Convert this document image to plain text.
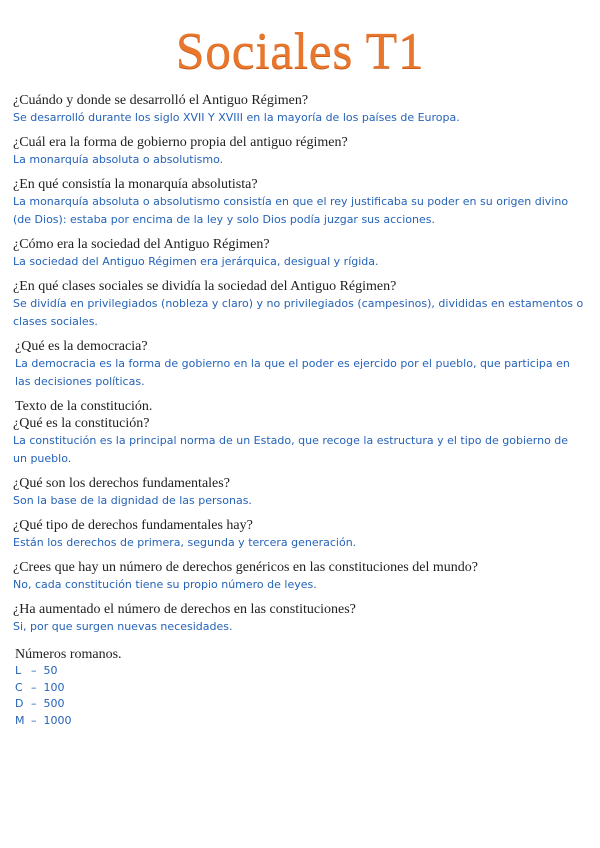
Sociales T1

¿Cuándo y donde se desarrolló el Antiguo Régimen?

Se desarrolló durante los siglo XVII Y XVIII en la mayoría de los países de Europa.

¿Cuál era la forma de gobierno propia del antiguo régimen?

La monarquía absoluta o absolutismo.

¿En qué consistía la monarquía absolutista?

La monarquía absoluta o absolutismo consistía en que el rey justificaba su poder en su origen divino (de Dios): estaba por encima de la ley y solo Dios podía juzgar sus acciones.

¿Cómo era la sociedad del Antiguo Régimen?

La sociedad del Antiguo Régimen era jerárquica, desigual y rígida.

¿En qué clases sociales se dividía la sociedad del Antiguo Régimen?

Se dividía en privilegiados (nobleza y claro) y no privilegiados (campesinos), divididas en estamentos o clases sociales.

¿Qué es la democracia?

La democracia es la forma de gobierno en la que el poder es ejercido por el pueblo, que participa en las decisiones políticas.

Texto de la constitución.

¿Qué es la constitución?

La constitución es la principal norma de un Estado, que recoge la estructura y el tipo de gobierno de un pueblo.

¿Qué son los derechos fundamentales?

Son la base de la dignidad de las personas.

¿Qué tipo de derechos fundamentales hay?

Están los derechos de primera, segunda y tercera generación.

¿Crees que hay un número de derechos genéricos en las constituciones del mundo?

No, cada constitución tiene su propio número de leyes.

¿Ha aumentado el número de derechos en las constituciones?

Si, por que surgen nuevas necesidades.

Números romanos.

L – 50

C – 100

D – 500

M – 1000
